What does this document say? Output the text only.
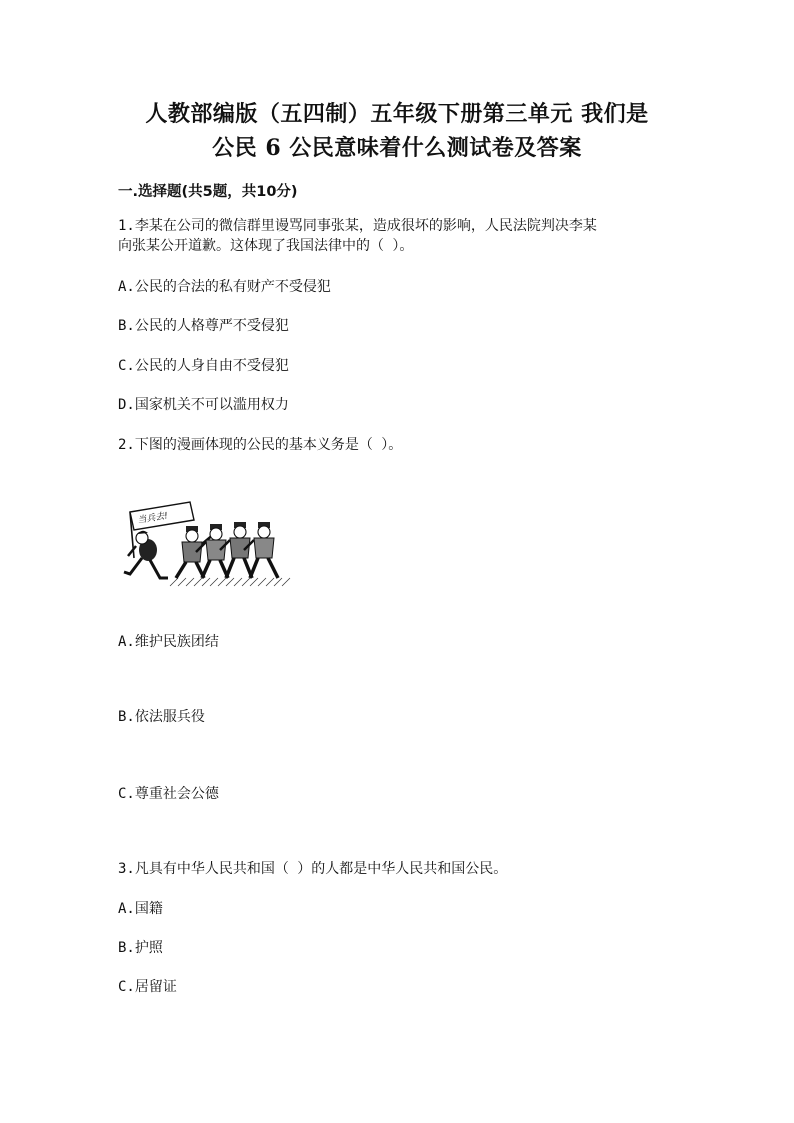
人教部编版（五四制）五年级下册第三单元 我们是
公民 6 公民意味着什么测试卷及答案
一.选择题(共5题，共10分)
1.李某在公司的微信群里谩骂同事张某，造成很坏的影响，人民法院判决李某
向张某公开道歉。这体现了我国法律中的（ ）。
A.公民的合法的私有财产不受侵犯
B.公民的人格尊严不受侵犯
C.公民的人身自由不受侵犯
D.国家机关不可以滥用权力
2.下图的漫画体现的公民的基本义务是（ ）。
当兵去!
A.维护民族团结
B.依法服兵役
C.尊重社会公德
3.凡具有中华人民共和国（ ）的人都是中华人民共和国公民。
A.国籍
B.护照
C.居留证
